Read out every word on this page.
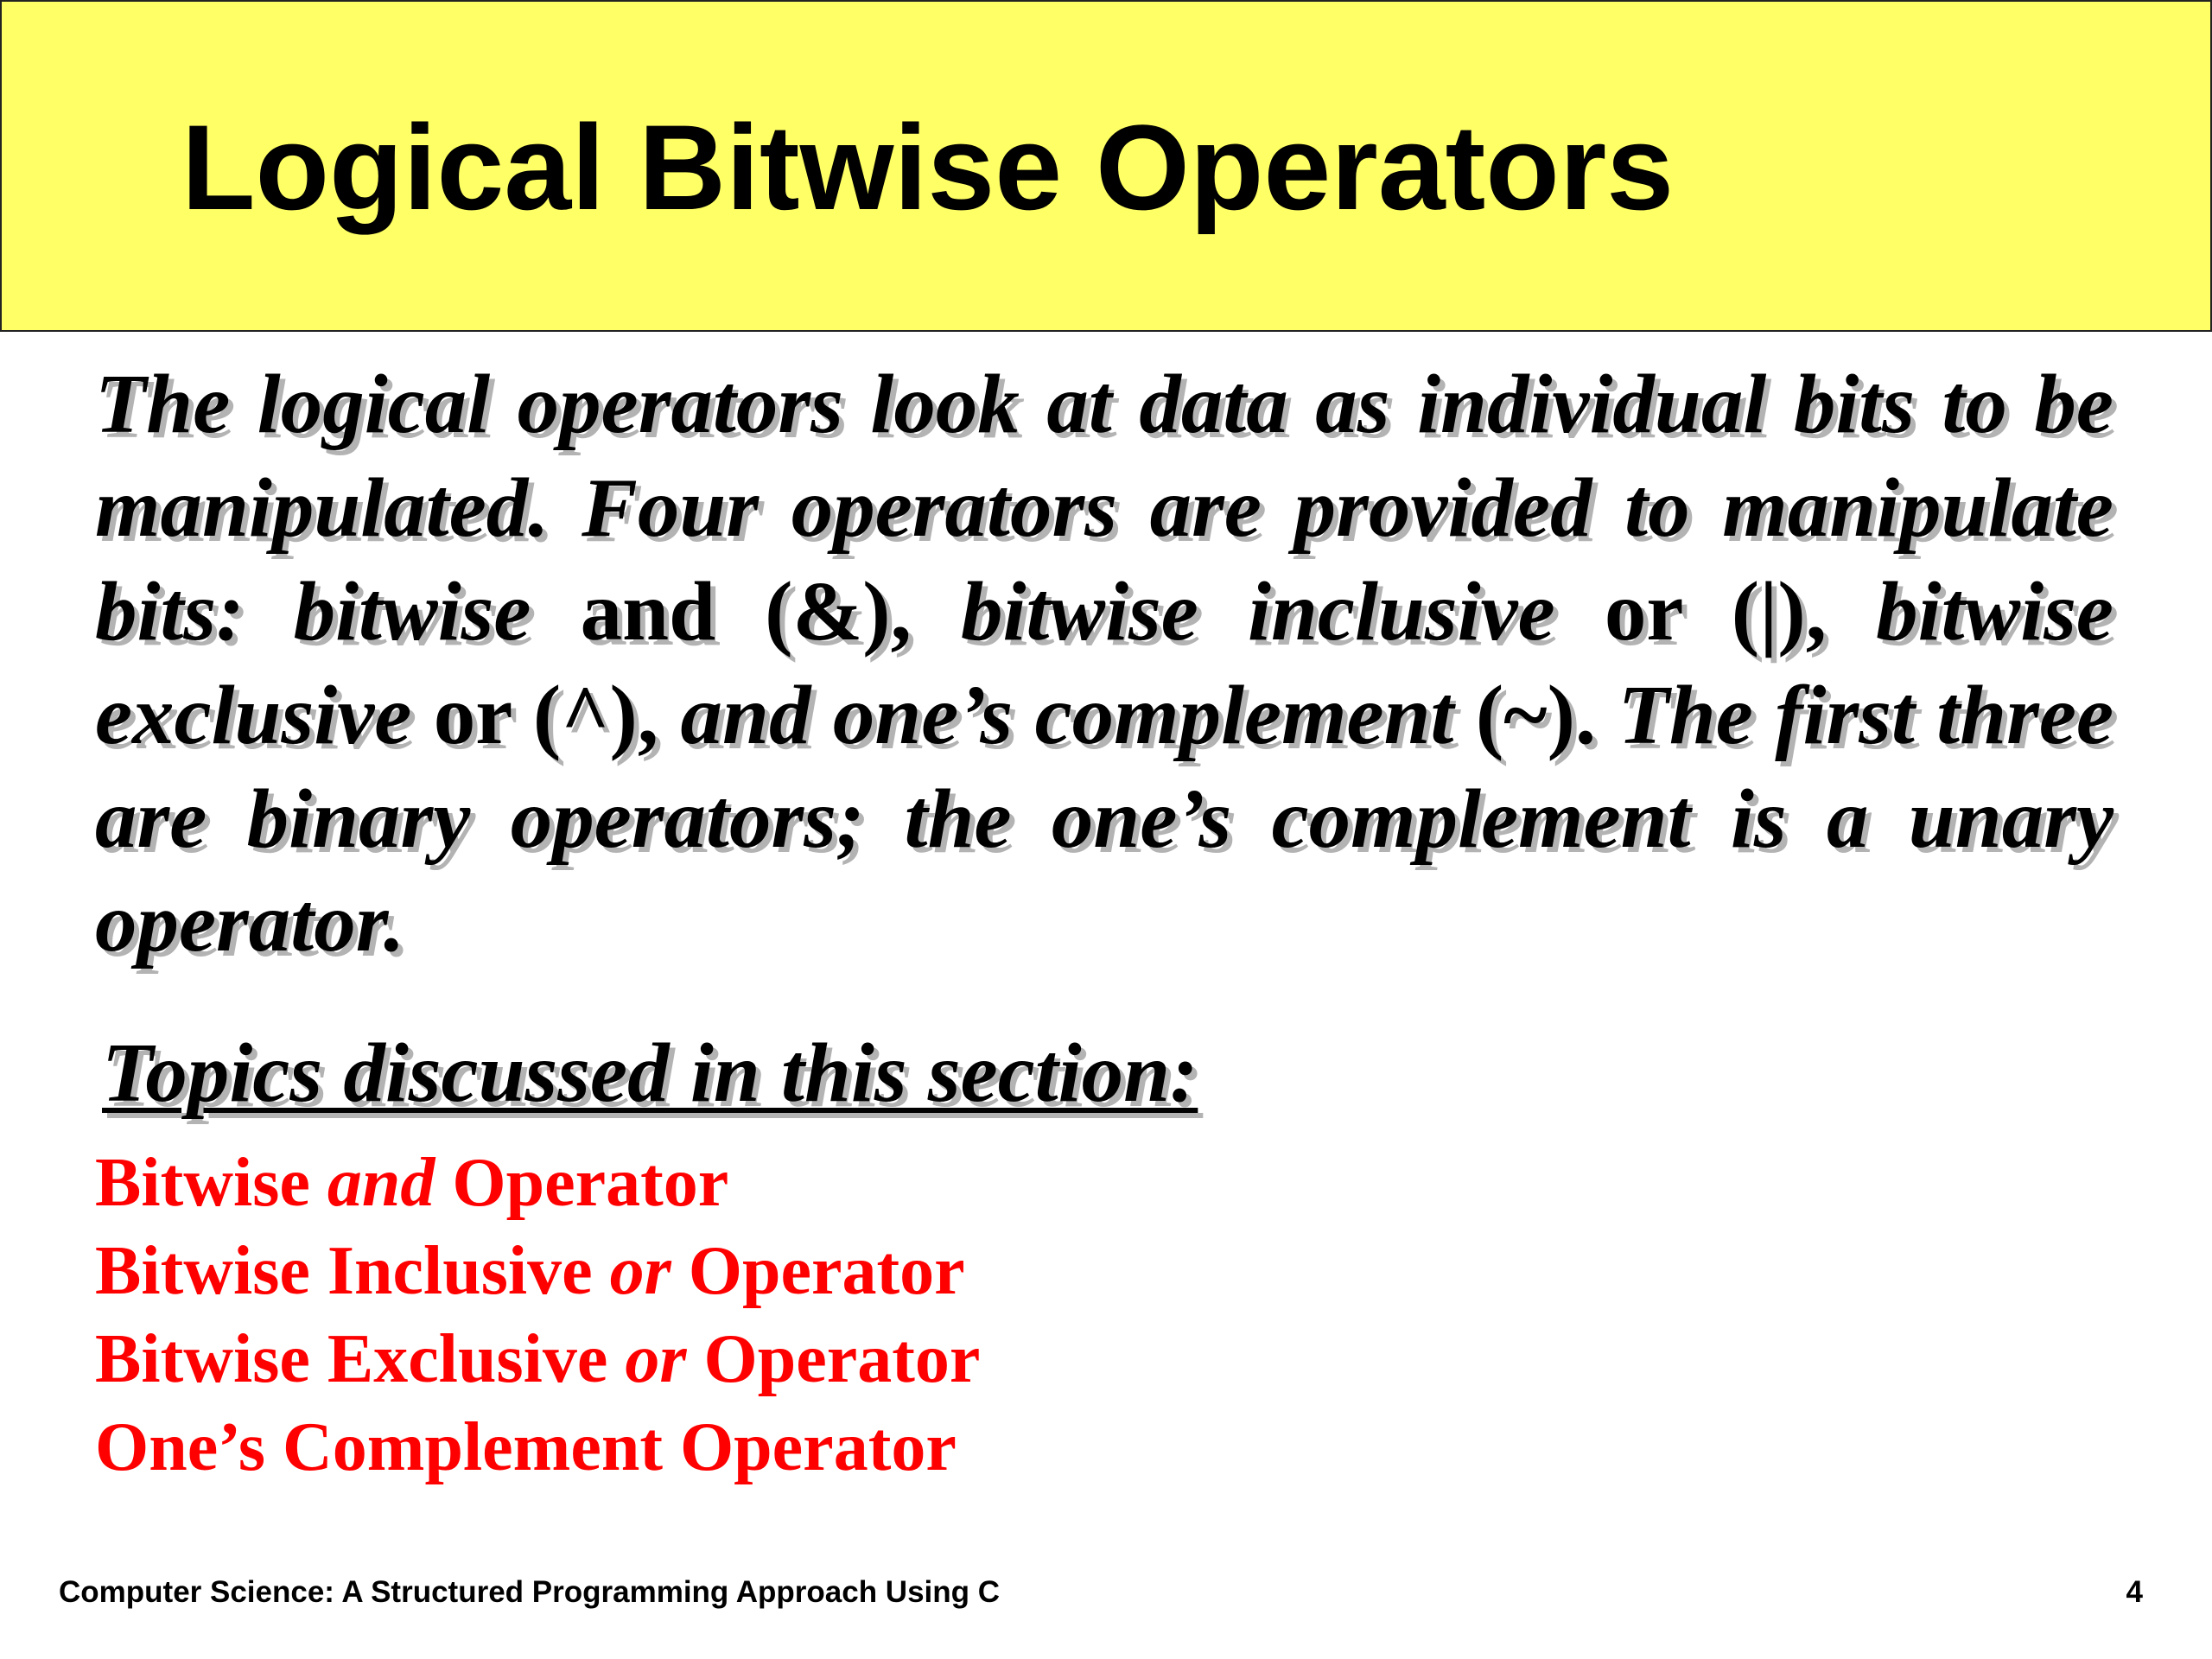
Logical Bitwise Operators

The logical operators look at data as individual bits to be manipulated. Four operators are provided to manipulate bits: bitwise and (&), bitwise inclusive or (|), bitwise exclusive or (^), and one’s complement (~). The first three are binary operators; the one’s complement is a unary operator.

Topics discussed in this section:
Bitwise and Operator
Bitwise Inclusive or Operator
Bitwise Exclusive or Operator
One’s Complement Operator
Computer Science: A Structured Programming Approach Using C	4
